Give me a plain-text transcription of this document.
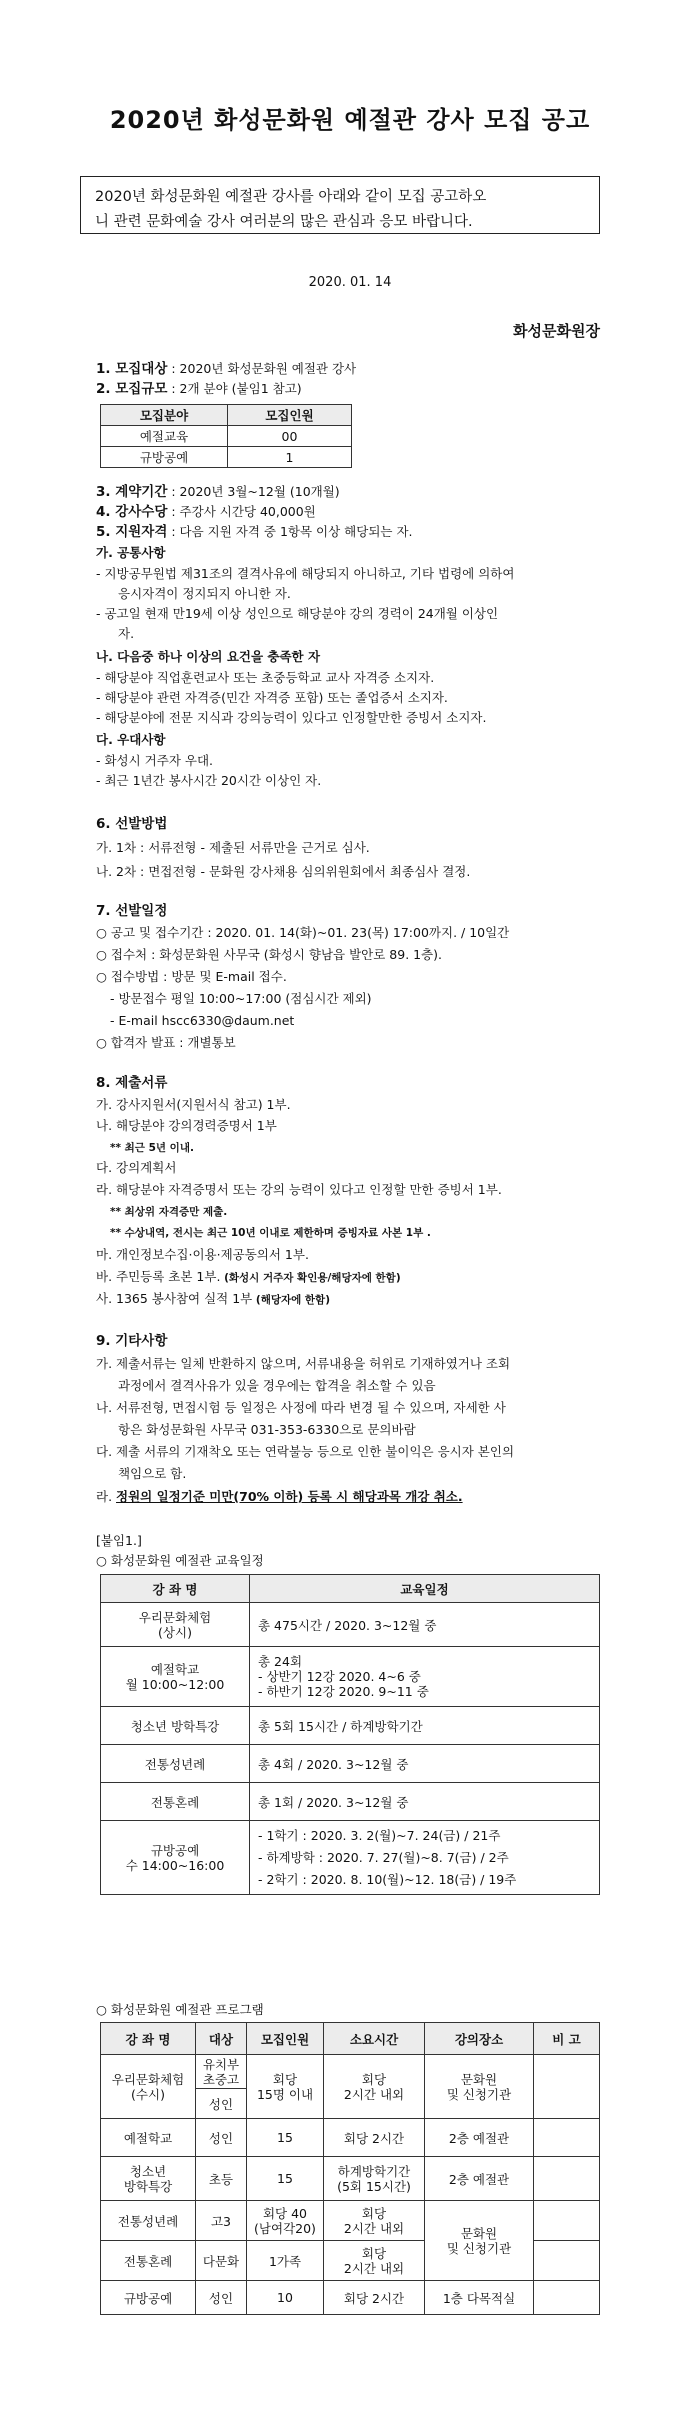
2020년 화성문화원 예절관 강사 모집 공고
2020년 화성문화원 예절관 강사를 아래와 같이 모집 공고하오
니 관련 문화예술 강사 여러분의 많은 관심과 응모 바랍니다.
2020. 01. 14
화성문화원장
1. 모집대상 : 2020년 화성문화원 예절관 강사
2. 모집규모 : 2개 분야 (붙임1 참고)
모집분야	모집인원
예절교육	00
규방공예	1
3. 계약기간 : 2020년 3월~12월 (10개월)
4. 강사수당 : 주강사 시간당 40,000원
5. 지원자격 : 다음 지원 자격 중 1항목 이상 해당되는 자.
가. 공통사항
- 지방공무원법 제31조의 결격사유에 해당되지 아니하고, 기타 법령에 의하여
응시자격이 정지되지 아니한 자.
- 공고일 현재 만19세 이상 성인으로 해당분야 강의 경력이 24개월 이상인
자.
나. 다음중 하나 이상의 요건을 충족한 자
- 해당분야 직업훈련교사 또는 초중등학교 교사 자격증 소지자.
- 해당분야 관련 자격증(민간 자격증 포함) 또는 졸업증서 소지자.
- 해당분야에 전문 지식과 강의능력이 있다고 인정할만한 증빙서 소지자.
다. 우대사항
- 화성시 거주자 우대.
- 최근 1년간 봉사시간 20시간 이상인 자.
6. 선발방법
가. 1차 : 서류전형 - 제출된 서류만을 근거로 심사.
나. 2차 : 면접전형 - 문화원 강사채용 심의위원회에서 최종심사 결정.
7. 선발일정
○ 공고 및 접수기간 : 2020. 01. 14(화)~01. 23(목) 17:00까지. / 10일간
○ 접수처 : 화성문화원 사무국 (화성시 향남읍 발안로 89. 1층).
○ 접수방법 : 방문 및 E-mail 접수.
- 방문접수 평일 10:00~17:00 (점심시간 제외)
- E-mail hscc6330@daum.net
○ 합격자 발표 : 개별통보
8. 제출서류
가. 강사지원서(지원서식 참고) 1부.
나. 해당분야 강의경력증명서 1부
** 최근 5년 이내.
다. 강의계획서
라. 해당분야 자격증명서 또는 강의 능력이 있다고 인정할 만한 증빙서 1부.
** 최상위 자격증만 제출.
** 수상내역, 전시는 최근 10년 이내로 제한하며 증빙자료 사본 1부 .
마. 개인정보수집·이용·제공동의서 1부.
바. 주민등록 초본 1부. (화성시 거주자 확인용/해당자에 한함)
사. 1365 봉사참여 실적 1부 (해당자에 한함)
9. 기타사항
가. 제출서류는 일체 반환하지 않으며, 서류내용을 허위로 기재하였거나 조회
과정에서 결격사유가 있을 경우에는 합격을 취소할 수 있음
나. 서류전형, 면접시험 등 일정은 사정에 따라 변경 될 수 있으며, 자세한 사
항은 화성문화원 사무국 031-353-6330으로 문의바람
다. 제출 서류의 기재착오 또는 연락불능 등으로 인한 불이익은 응시자 본인의
책임으로 함.
라. 정원의 일정기준 미만(70% 이하) 등록 시 해당과목 개강 취소.
[붙임1.]
○ 화성문화원 예절관 교육일정
강 좌 명	교육일정

우리문화체험
(상시)	총 475시간 / 2020. 3~12월 중

예절학교
월 10:00~12:00	총 24회
- 상반기 12강 2020. 4~6 중
- 하반기 12강 2020. 9~11 중

청소년 방학특강	총 5회 15시간 / 하계방학기간
전통성년례	총 4회 / 2020. 3~12월 중
전통혼례	총 1회 / 2020. 3~12월 중

규방공예
수 14:00~16:00	- 1학기 : 2020. 3. 2(월)~7. 24(금) / 21주
- 하계방학 : 2020. 7. 27(월)~8. 7(금) / 2주
- 2학기 : 2020. 8. 10(월)~12. 18(금) / 19주
○ 화성문화원 예절관 프로그램
강 좌 명	대상	모집인원	소요시간	강의장소	비 고

우리문화체험
(수시)	유치부
초중고	회당
15명 이내	회당
2시간 내외	문화원
및 신청기관	

	성인				
예절학교	성인	15	회당 2시간	2층 예절관	

청소년
방학특강	초등	15	하계방학기간
(5회 15시간)	2층 예절관	
전통성년례	고3	회당 40
(남여각20)	회당
2시간 내외	문화원
및 신청기관	

전통혼례	다문화	1가족	회당
2시간 내외		

규방공예	성인	10	회당 2시간	1층 다목적실	
